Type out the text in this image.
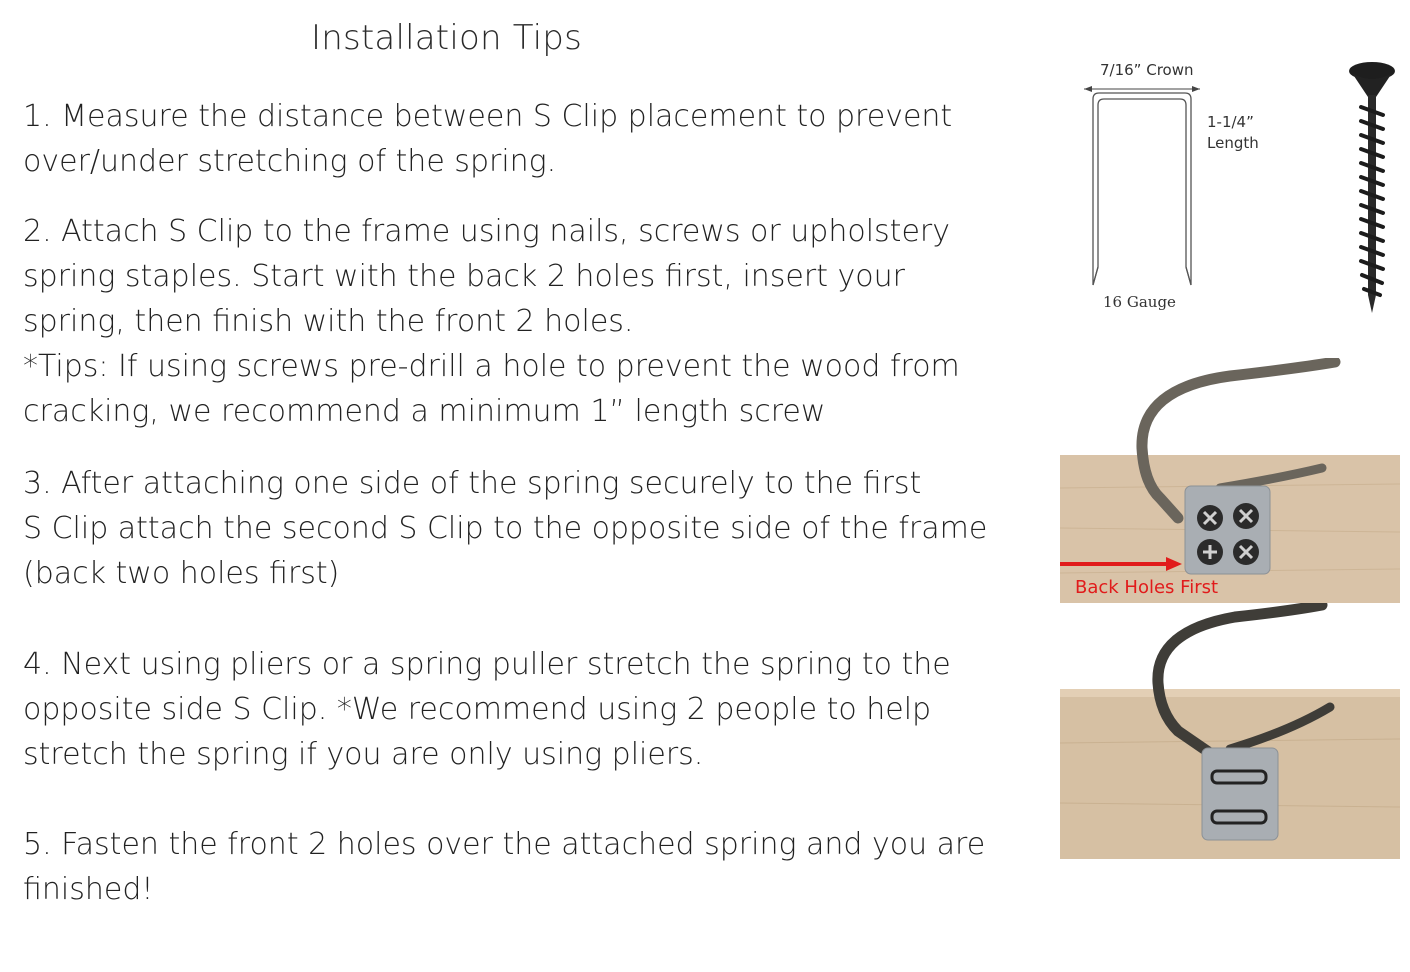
Installation Tips

1. Measure the distance between S Clip placement to prevent
over/under stretching of the spring.

2. Attach S Clip to the frame using nails, screws or upholstery
spring staples. Start with the back 2 holes first, insert your
spring, then finish with the front 2 holes.
*Tips: If using screws pre-drill a hole to prevent the wood from
cracking, we recommend a minimum 1” length screw

3. After attaching one side of the spring securely to the first
S Clip attach the second S Clip to the opposite side of the frame
(back two holes first)

4. Next using pliers or a spring puller stretch the spring to the
opposite side S Clip. *We recommend using 2 people to help
stretch the spring if you are only using pliers.

5. Fasten the front 2 holes over the attached spring and you are
finished!

7/16” Crown
1-1/4”
Length
16 Gauge
Back Holes First
